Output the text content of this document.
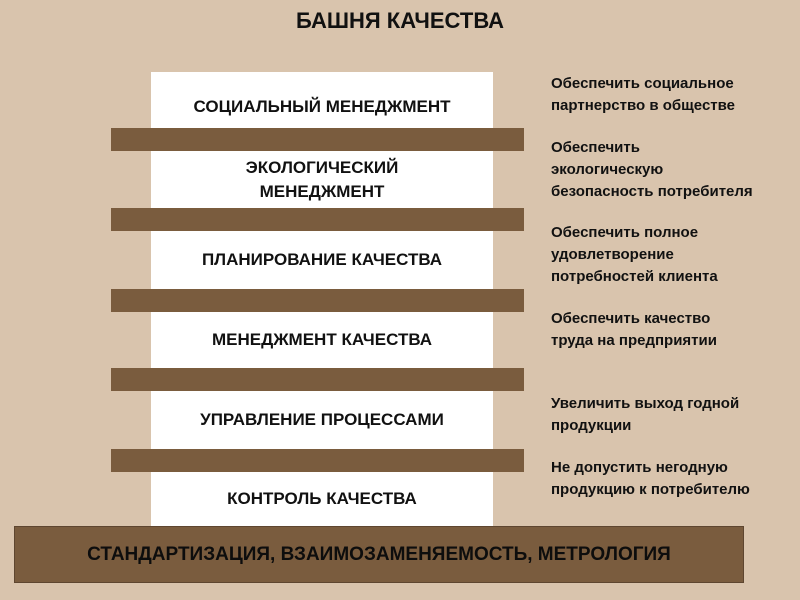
БАШНЯ КАЧЕСТВА
СОЦИАЛЬНЫЙ МЕНЕДЖМЕНТ
ЭКОЛОГИЧЕСКИЙ
МЕНЕДЖМЕНТ
ПЛАНИРОВАНИЕ КАЧЕСТВА
МЕНЕДЖМЕНТ КАЧЕСТВА
УПРАВЛЕНИЕ ПРОЦЕССАМИ
КОНТРОЛЬ КАЧЕСТВА
СТАНДАРТИЗАЦИЯ, ВЗАИМОЗАМЕНЯЕМОСТЬ, МЕТРОЛОГИЯ
Обеспечить социальное
партнерство в обществе
Обеспечить
экологическую
безопасность потребителя
Обеспечить полное
удовлетворение
потребностей клиента
Обеспечить качество
труда на предприятии
Увеличить выход годной
продукции
Не допустить негодную
продукцию к потребителю
